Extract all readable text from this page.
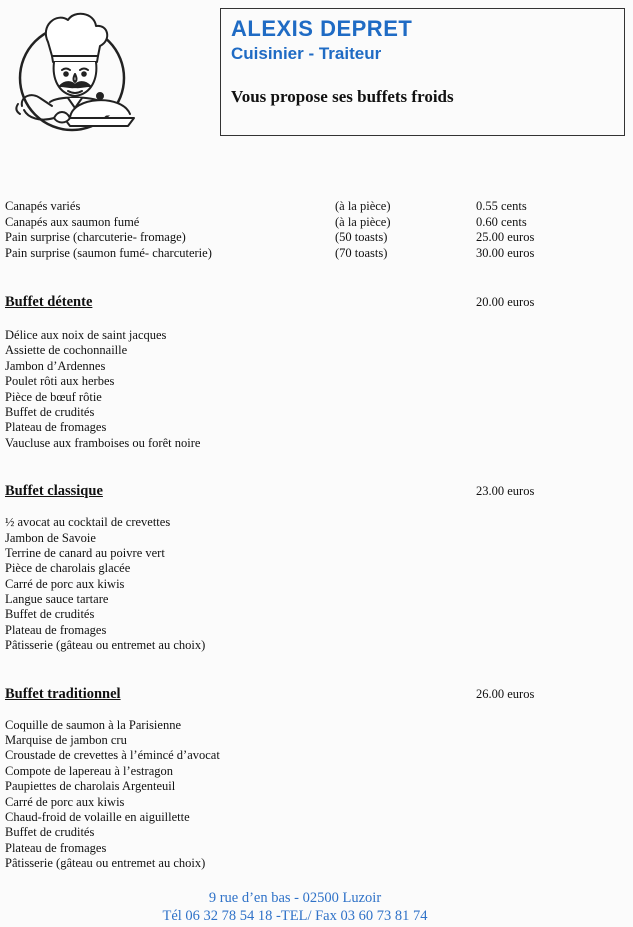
ALEXIS DEPRET
Cuisinier - Traiteur
Vous propose ses buffets froids
Canapés variés	(à la pièce)	0.55 cents
Canapés aux saumon fumé	(à la pièce)	0.60 cents
Pain surprise (charcuterie- fromage)	(50 toasts)	25.00 euros
Pain surprise (saumon fumé- charcuterie)	(70 toasts)	30.00 euros
Buffet détente	20.00 euros
Délice aux noix de saint jacques
Assiette de cochonnaille
Jambon d’Ardennes
Poulet rôti aux herbes
Pièce de bœuf rôtie
Buffet de crudités
Plateau de fromages
Vaucluse aux framboises ou forêt noire
Buffet classique	23.00 euros
½ avocat au cocktail de crevettes
Jambon de Savoie
Terrine de canard au poivre vert
Pièce de charolais glacée
Carré de porc aux kiwis
Langue sauce tartare
Buffet de crudités
Plateau de fromages
Pâtisserie (gâteau ou entremet au choix)
Buffet traditionnel	26.00 euros
Coquille de saumon à la Parisienne
Marquise de jambon cru
Croustade de crevettes à l’émincé d’avocat
Compote de lapereau à l’estragon
Paupiettes de charolais Argenteuil
Carré de porc aux kiwis
Chaud-froid de volaille en aiguillette
Buffet de crudités
Plateau de fromages
Pâtisserie (gâteau ou entremet au choix)
9 rue d’en bas - 02500 Luzoir
Tél 06 32 78 54 18 -TEL/ Fax 03 60 73 81 74
